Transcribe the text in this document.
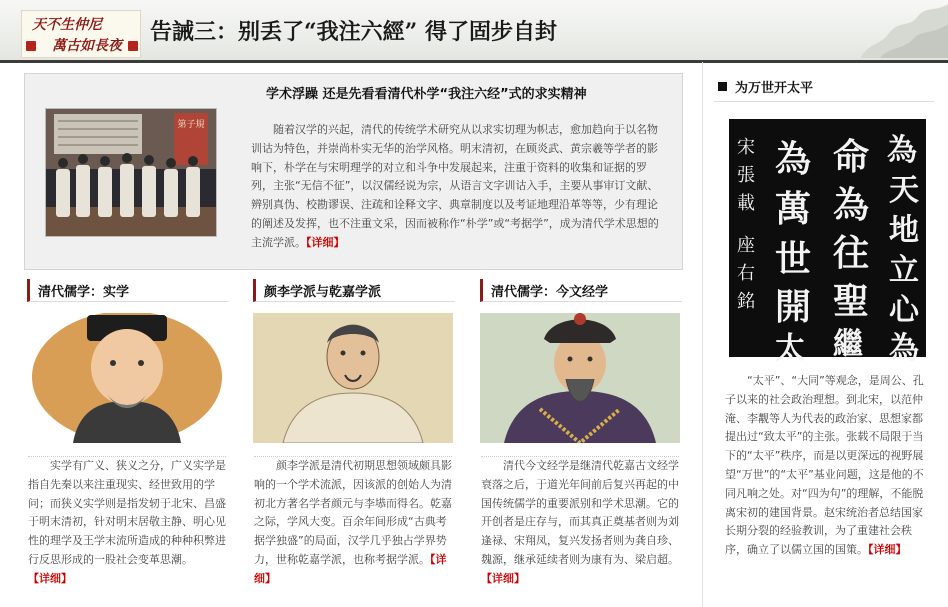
天不生仲尼
萬古如長夜
告誡三：别丢了“我注六經” 得了固步自封
学术浮躁 还是先看看清代朴学“我注六经”式的求实精神
第子規	随着汉学的兴起，清代的传统学术研究从以求实切理为帜志，愈加趋向于以名物训诂为特色，并崇尚朴实无华的治学风格。明末清初，在顾炎武、黄宗羲等学者的影响下，朴学在与宋明理学的对立和斗争中发展起来，注重于资料的收集和证据的罗列，主张“无信不征”，以汉儒经说为宗，从语言文字训诂入手，主要从事审订文献、辨别真伪、校勘谬误、注疏和诠释文字、典章制度以及考证地理沿革等等，少有理论的阐述及发挥，也不注重文采，因而被称作“朴学”或“考据学”，成为清代学术思想的主流学派。【详细】
清代儒学：实学
实学有广义、狭义之分，广义实学是指自先秦以来注重现实、经世致用的学问；而狭义实学则是指发轫于北宋、昌盛于明末清初，针对明末居敬主静、明心见性的理学及王学末流所造成的种种积弊进行反思形成的一股社会变革思潮。【详细】
颜李学派与乾嘉学派
颜李学派是清代初期思想领域颇具影响的一个学术流派，因该派的创始人为清初北方著名学者颜元与李塨而得名。乾嘉之际，学风大变。百余年间形成“古典考据学独盛”的局面，汉学几乎独占学界势力，世称乾嘉学派，也称考据学派。【详细】
清代儒学：今文经学
清代今文经学是继清代乾嘉古文经学衰落之后，于道光年间前后复兴再起的中国传统儒学的重要派别和学术思潮。它的开创者是庄存与，而其真正奠基者则为刘逢禄、宋翔凤，复兴发扬者则为龚自珍、魏源，继承延续者则为康有为、梁启超。【详细】
为万世开太平
為
天
地
立
心
為
命
為
往
聖
繼
為
萬
世
開
太
宋
張
載
座
右
銘
“太平”、“大同”等观念，是周公、孔子以来的社会政治理想。到北宋，以范仲淹、李觏等人为代表的政治家、思想家都提出过“致太平”的主张。张载不局限于当下的“太平”秩序，而是以更深远的视野展望“万世”的“太平”基业问题，这是他的不同凡响之处。对“四为句”的理解，不能脱离宋初的建国背景。赵宋统治者总结国家长期分裂的经验教训，为了重建社会秩序，确立了以儒立国的国策。【详细】
